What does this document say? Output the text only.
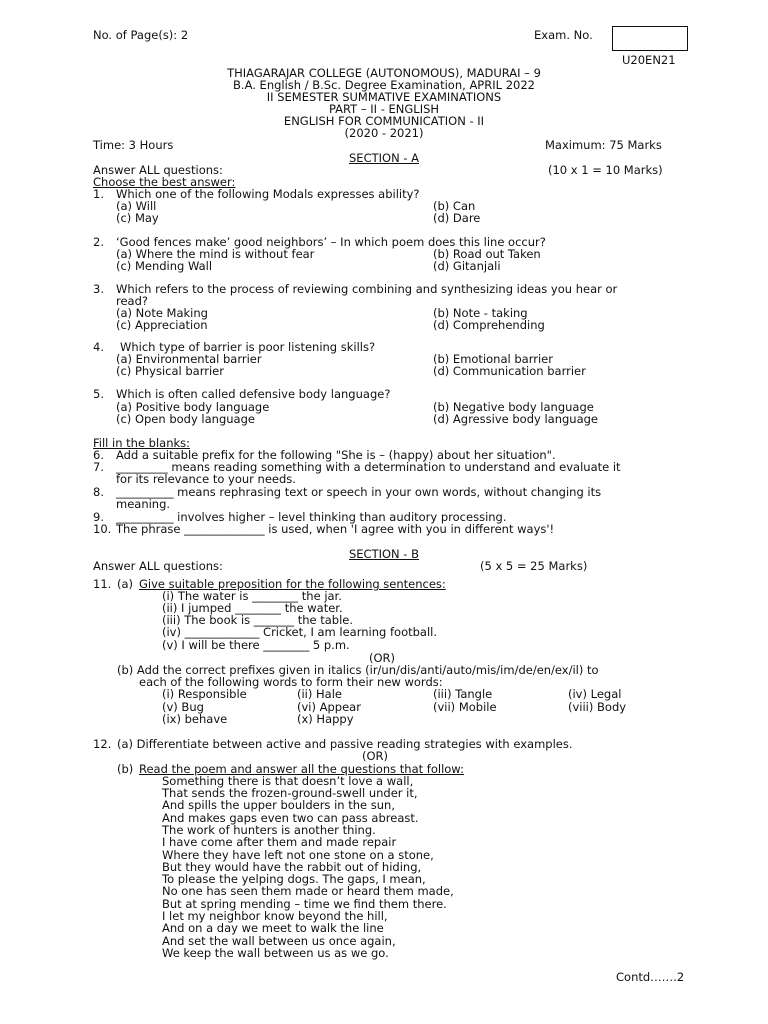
No. of Page(s): 2	Exam. No.
U20EN21
THIAGARAJAR COLLEGE (AUTONOMOUS), MADURAI – 9
B.A. English / B.Sc. Degree Examination, APRIL 2022
II SEMESTER SUMMATIVE EXAMINATIONS
PART – II - ENGLISH
ENGLISH FOR COMMUNICATION - II
(2020 - 2021)
Time: 3 Hours	Maximum: 75 Marks
SECTION - A
Answer ALL questions:	(10 x 1 = 10 Marks)
Choose the best answer:
1. Which one of the following Modals expresses ability?
(a) Will	(b) Can
(c) May	(d) Dare
2. ‘Good fences make’ good neighbors’ – In which poem does this line occur?
(a) Where the mind is without fear	(b) Road out Taken
(c) Mending Wall	(d) Gitanjali
3. Which refers to the process of reviewing combining and synthesizing ideas you hear or
read?
(a) Note Making	(b) Note - taking
(c) Appreciation	(d) Comprehending
4. Which type of barrier is poor listening skills?
(a) Environmental barrier	(b) Emotional barrier
(c) Physical barrier	(d) Communication barrier
5. Which is often called defensive body language?
(a) Positive body language	(b) Negative body language
(c) Open body language	(d) Agressive body language
Fill in the blanks:
6. Add a suitable prefix for the following "She is – (happy) about her situation".
7. _________ means reading something with a determination to understand and evaluate it
for its relevance to your needs.
8. __________ means rephrasing text or speech in your own words, without changing its
meaning.
9. __________ involves higher – level thinking than auditory processing.
10. The phrase ______________ is used, when 'I agree with you in different ways'!
SECTION - B
Answer ALL questions:	(5 x 5 = 25 Marks)
11. (a) Give suitable preposition for the following sentences:
(i) The water is ________ the jar.
(ii) I jumped ________ the water.
(iii) The book is _______ the table.
(iv) _____________ Cricket, I am learning football.
(v) I will be there ________ 5 p.m.
(OR)
(b) Add the correct prefixes given in italics (ir/un/dis/anti/auto/mis/im/de/en/ex/il) to
each of the following words to form their new words:
(i) Responsible	(ii) Hale	(iii) Tangle	(iv) Legal
(v) Bug	(vi) Appear	(vii) Mobile	(viii) Body
(ix) behave	(x) Happy
12. (a) Differentiate between active and passive reading strategies with examples.
(OR)
(b) Read the poem and answer all the questions that follow:
Something there is that doesn’t love a wall,
That sends the frozen-ground-swell under it,
And spills the upper boulders in the sun,
And makes gaps even two can pass abreast.
The work of hunters is another thing.
I have come after them and made repair
Where they have left not one stone on a stone,
But they would have the rabbit out of hiding,
To please the yelping dogs. The gaps, I mean,
No one has seen them made or heard them made,
But at spring mending – time we find them there.
I let my neighbor know beyond the hill,
And on a day we meet to walk the line
And set the wall between us once again,
We keep the wall between us as we go.
Contd…….2
